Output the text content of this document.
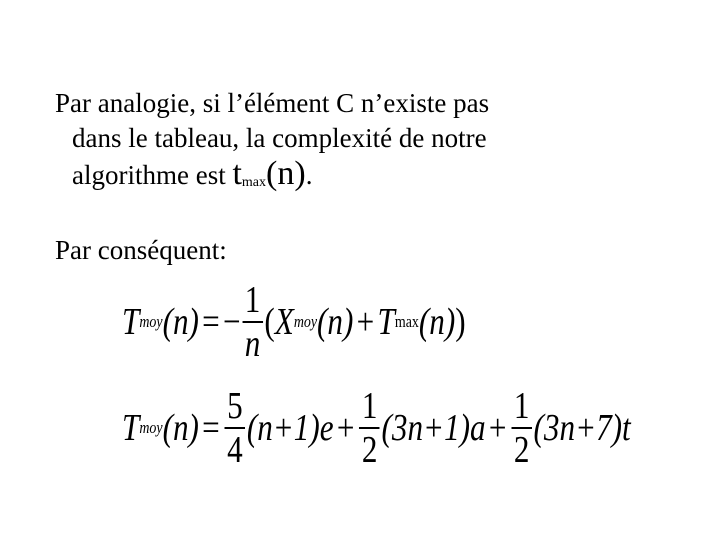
Par analogie, si l’élément C n’existe pas
dans le tableau, la complexité de notre
algorithme est tmax(n).
Par conséquent:
T moy (n) = − $\frac{1}{n}$ ( X moy (n) + T max (n) )
T moy $(n) = \frac{5}{4} (n+1)e + \frac{1}{2} (3n+1)a + \frac{1}{2} (3n+7)t$
